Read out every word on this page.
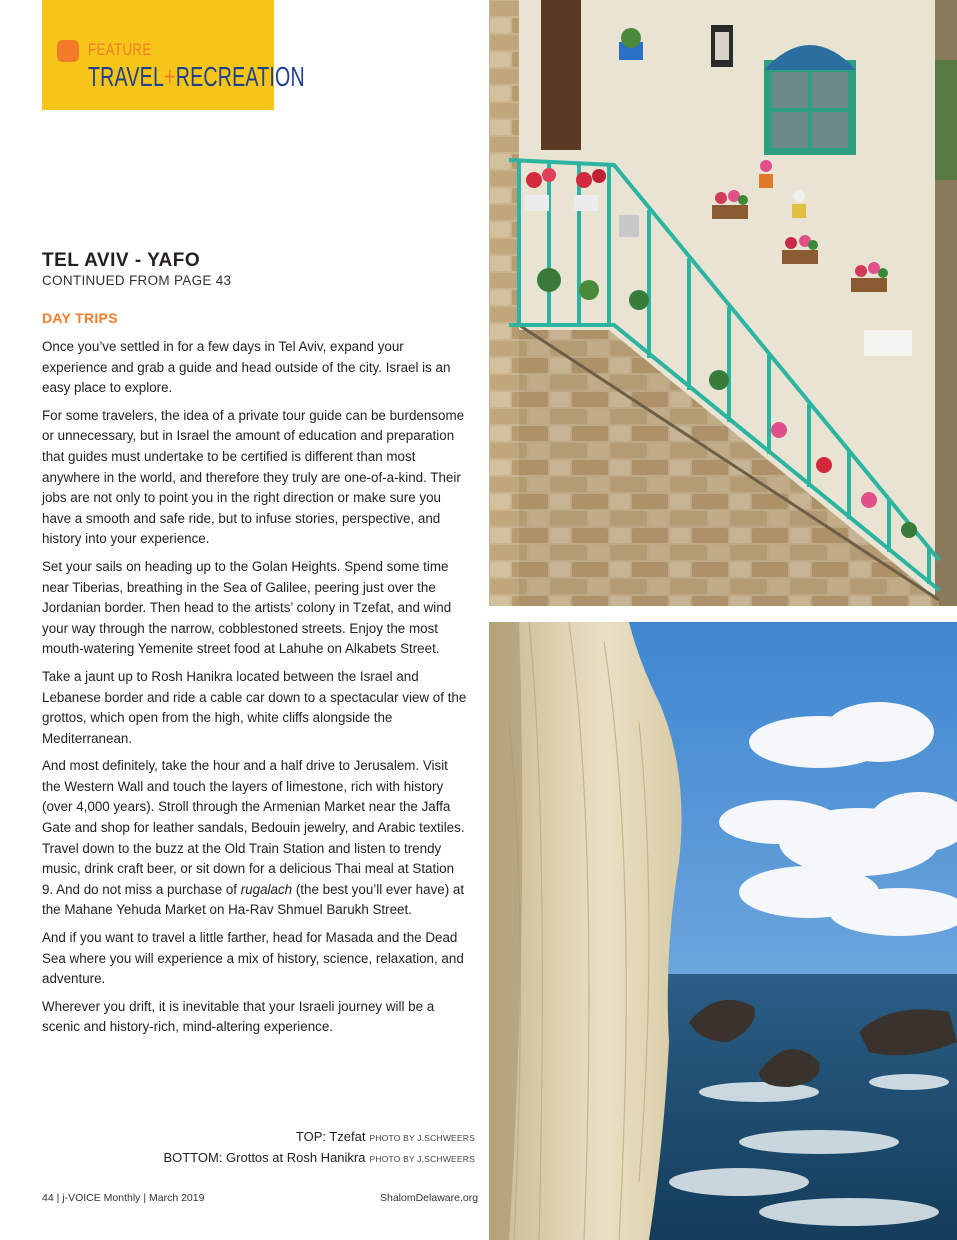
FEATURE
TRAVEL+RECREATION
TEL AVIV - YAFO
CONTINUED FROM PAGE 43
DAY TRIPS

Once you’ve settled in for a few days in Tel Aviv, expand your experience and grab a guide and head outside of the city. Israel is an easy place to explore.

For some travelers, the idea of a private tour guide can be burdensome or unnecessary, but in Israel the amount of education and preparation that guides must undertake to be certified is different than most anywhere in the world, and therefore they truly are one-of-a-kind. Their jobs are not only to point you in the right direction or make sure you have a smooth and safe ride, but to infuse stories, perspective, and history into your experience.

Set your sails on heading up to the Golan Heights. Spend some time near Tiberias, breathing in the Sea of Galilee, peering just over the Jordanian border. Then head to the artists’ colony in Tzefat, and wind your way through the narrow, cobblestoned streets. Enjoy the most mouth-watering Yemenite street food at Lahuhe on Alkabets Street.

Take a jaunt up to Rosh Hanikra located between the Israel and Lebanese border and ride a cable car down to a spectacular view of the grottos, which open from the high, white cliffs alongside the Mediterranean.

And most definitely, take the hour and a half drive to Jerusalem. Visit the Western Wall and touch the layers of limestone, rich with history (over 4,000 years). Stroll through the Armenian Market near the Jaffa Gate and shop for leather sandals, Bedouin jewelry, and Arabic textiles. Travel down to the buzz at the Old Train Station and listen to trendy music, drink craft beer, or sit down for a delicious Thai meal at Station 9. And do not miss a purchase of rugalach (the best you’ll ever have) at the Mahane Yehuda Market on Ha-Rav Shmuel Barukh Street.

And if you want to travel a little farther, head for Masada and the Dead Sea where you will experience a mix of history, science, relaxation, and adventure.

Wherever you drift, it is inevitable that your Israeli journey will be a scenic and history-rich, mind-altering experience.

TOP: Tzefat PHOTO BY J.SCHWEERS
BOTTOM: Grottos at Rosh Hanikra PHOTO BY J.SCHWEERS
44 | j-VOICE Monthly | March 2019	ShalomDelaware.org
